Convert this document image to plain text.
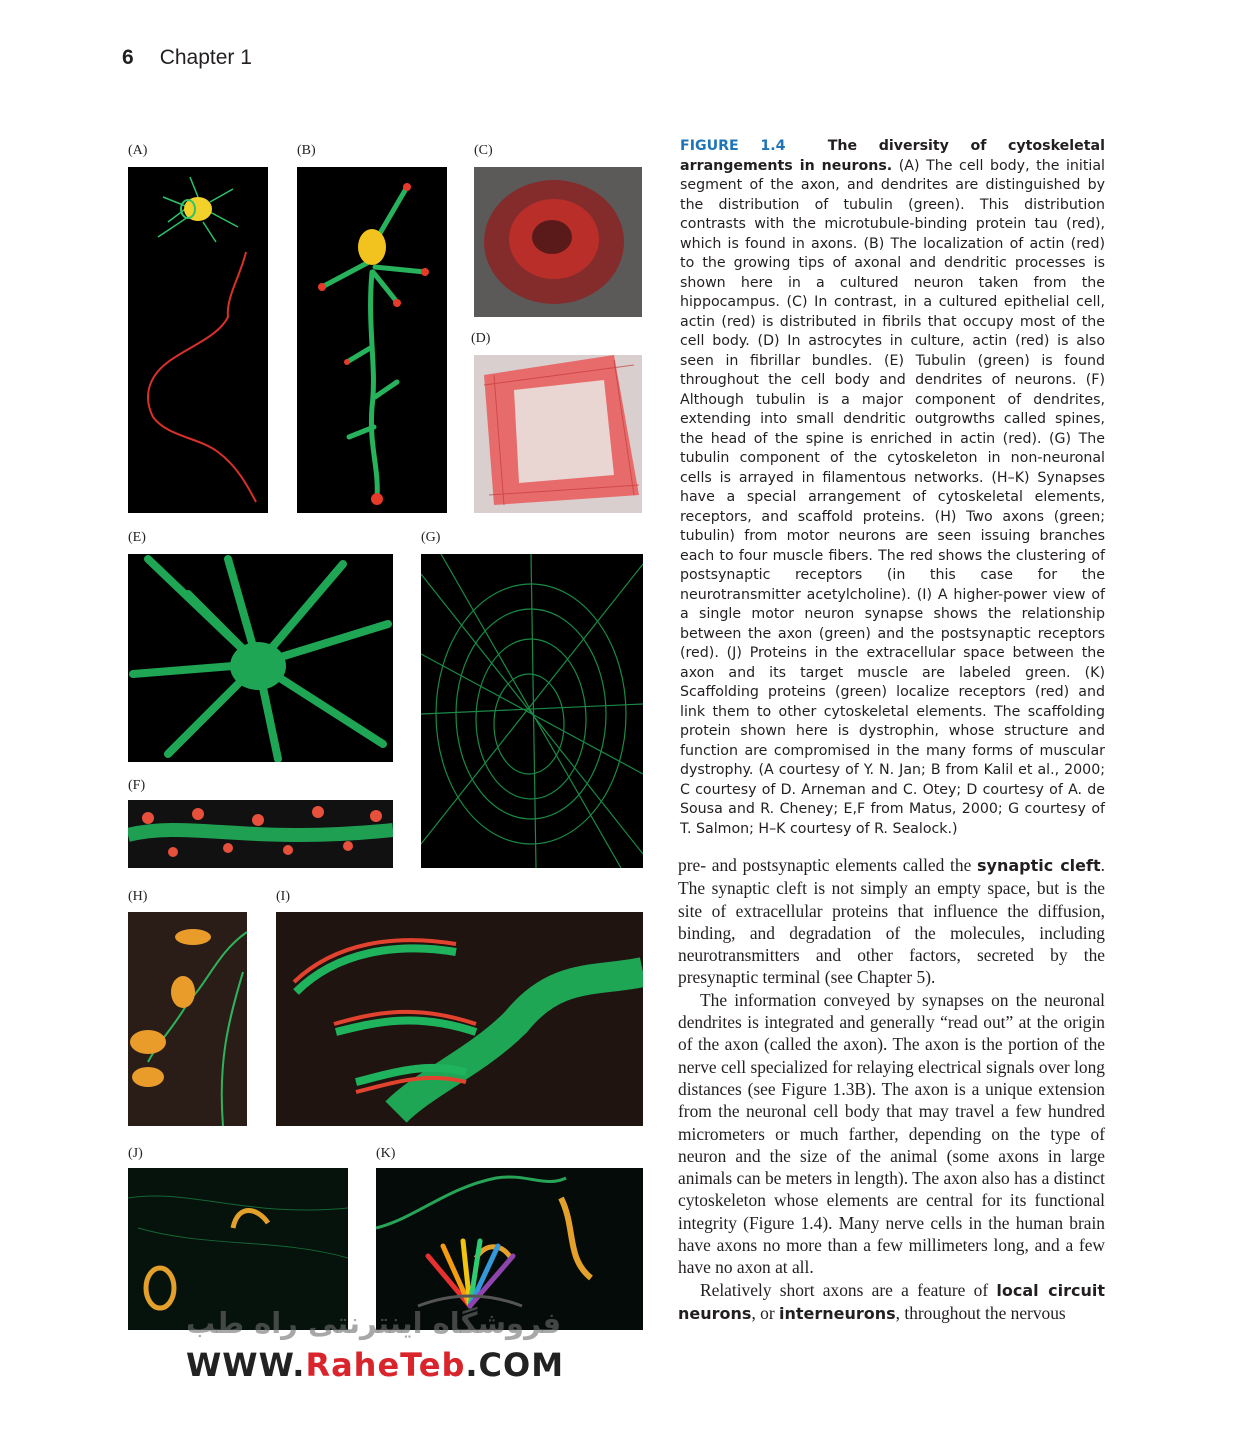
6 Chapter 1
(A)	(B)	(C)
(D)
(E)	(G)
(F)
(H)	(I)
(J)	(K)
FIGURE 1.4	The diversity of cytoskeletal arrangements in neurons. (A) The cell body, the initial segment of the axon, and dendrites are distinguished by the distribution of tubulin (green). This distribution contrasts with the microtubule-binding protein tau (red), which is found in axons. (B) The localization of actin (red) to the growing tips of axonal and dendritic processes is shown here in a cultured neuron taken from the hippocampus. (C) In contrast, in a cultured epithelial cell, actin (red) is distributed in fibrils that occupy most of the cell body. (D) In astrocytes in culture, actin (red) is also seen in fibrillar bundles. (E) Tubulin (green) is found throughout the cell body and dendrites of neurons. (F) Although tubulin is a major component of dendrites, extending into small dendritic outgrowths called spines, the head of the spine is enriched in actin (red). (G) The tubulin component of the cytoskeleton in non-neuronal cells is arrayed in filamentous networks. (H–K) Synapses have a special arrangement of cytoskeletal elements, receptors, and scaffold proteins. (H) Two axons (green; tubulin) from motor neurons are seen issuing branches each to four muscle fibers. The red shows the clustering of postsynaptic receptors (in this case for the neurotransmitter acetylcholine). (I) A higher-power view of a single motor neuron synapse shows the relationship between the axon (green) and the postsynaptic receptors (red). (J) Proteins in the extracellular space between the axon and its target muscle are labeled green. (K) Scaffolding proteins (green) localize receptors (red) and link them to other cytoskeletal elements. The scaffolding protein shown here is dystrophin, whose structure and function are compromised in the many forms of muscular dystrophy. (A courtesy of Y. N. Jan; B from Kalil et al., 2000; C courtesy of D. Arneman and C. Otey; D courtesy of A. de Sousa and R. Cheney; E,F from Matus, 2000; G courtesy of T. Salmon; H–K courtesy of R. Sealock.)

pre- and postsynaptic elements called the synaptic cleft. The synaptic cleft is not simply an empty space, but is the site of extracellular proteins that influence the diffusion, binding, and degradation of the molecules, including neurotransmitters and other factors, secreted by the presynaptic terminal (see Chapter 5).

The information conveyed by synapses on the neuronal dendrites is integrated and generally “read out” at the origin of the axon (called the axon). The axon is the portion of the nerve cell specialized for relaying electrical signals over long distances (see Figure 1.3B). The axon is a unique extension from the neuronal cell body that may travel a few hundred micrometers or much farther, depending on the type of neuron and the size of the animal (some axons in large animals can be meters in length). The axon also has a distinct cytoskeleton whose elements are central for its functional integrity (Figure 1.4). Many nerve cells in the human brain have axons no more than a few millimeters long, and a few have no axon at all.

Relatively short axons are a feature of local circuit neurons, or interneurons, throughout the nervous

فروشگاه اینترنتی راه طب
WWW.RaheTeb.COM
